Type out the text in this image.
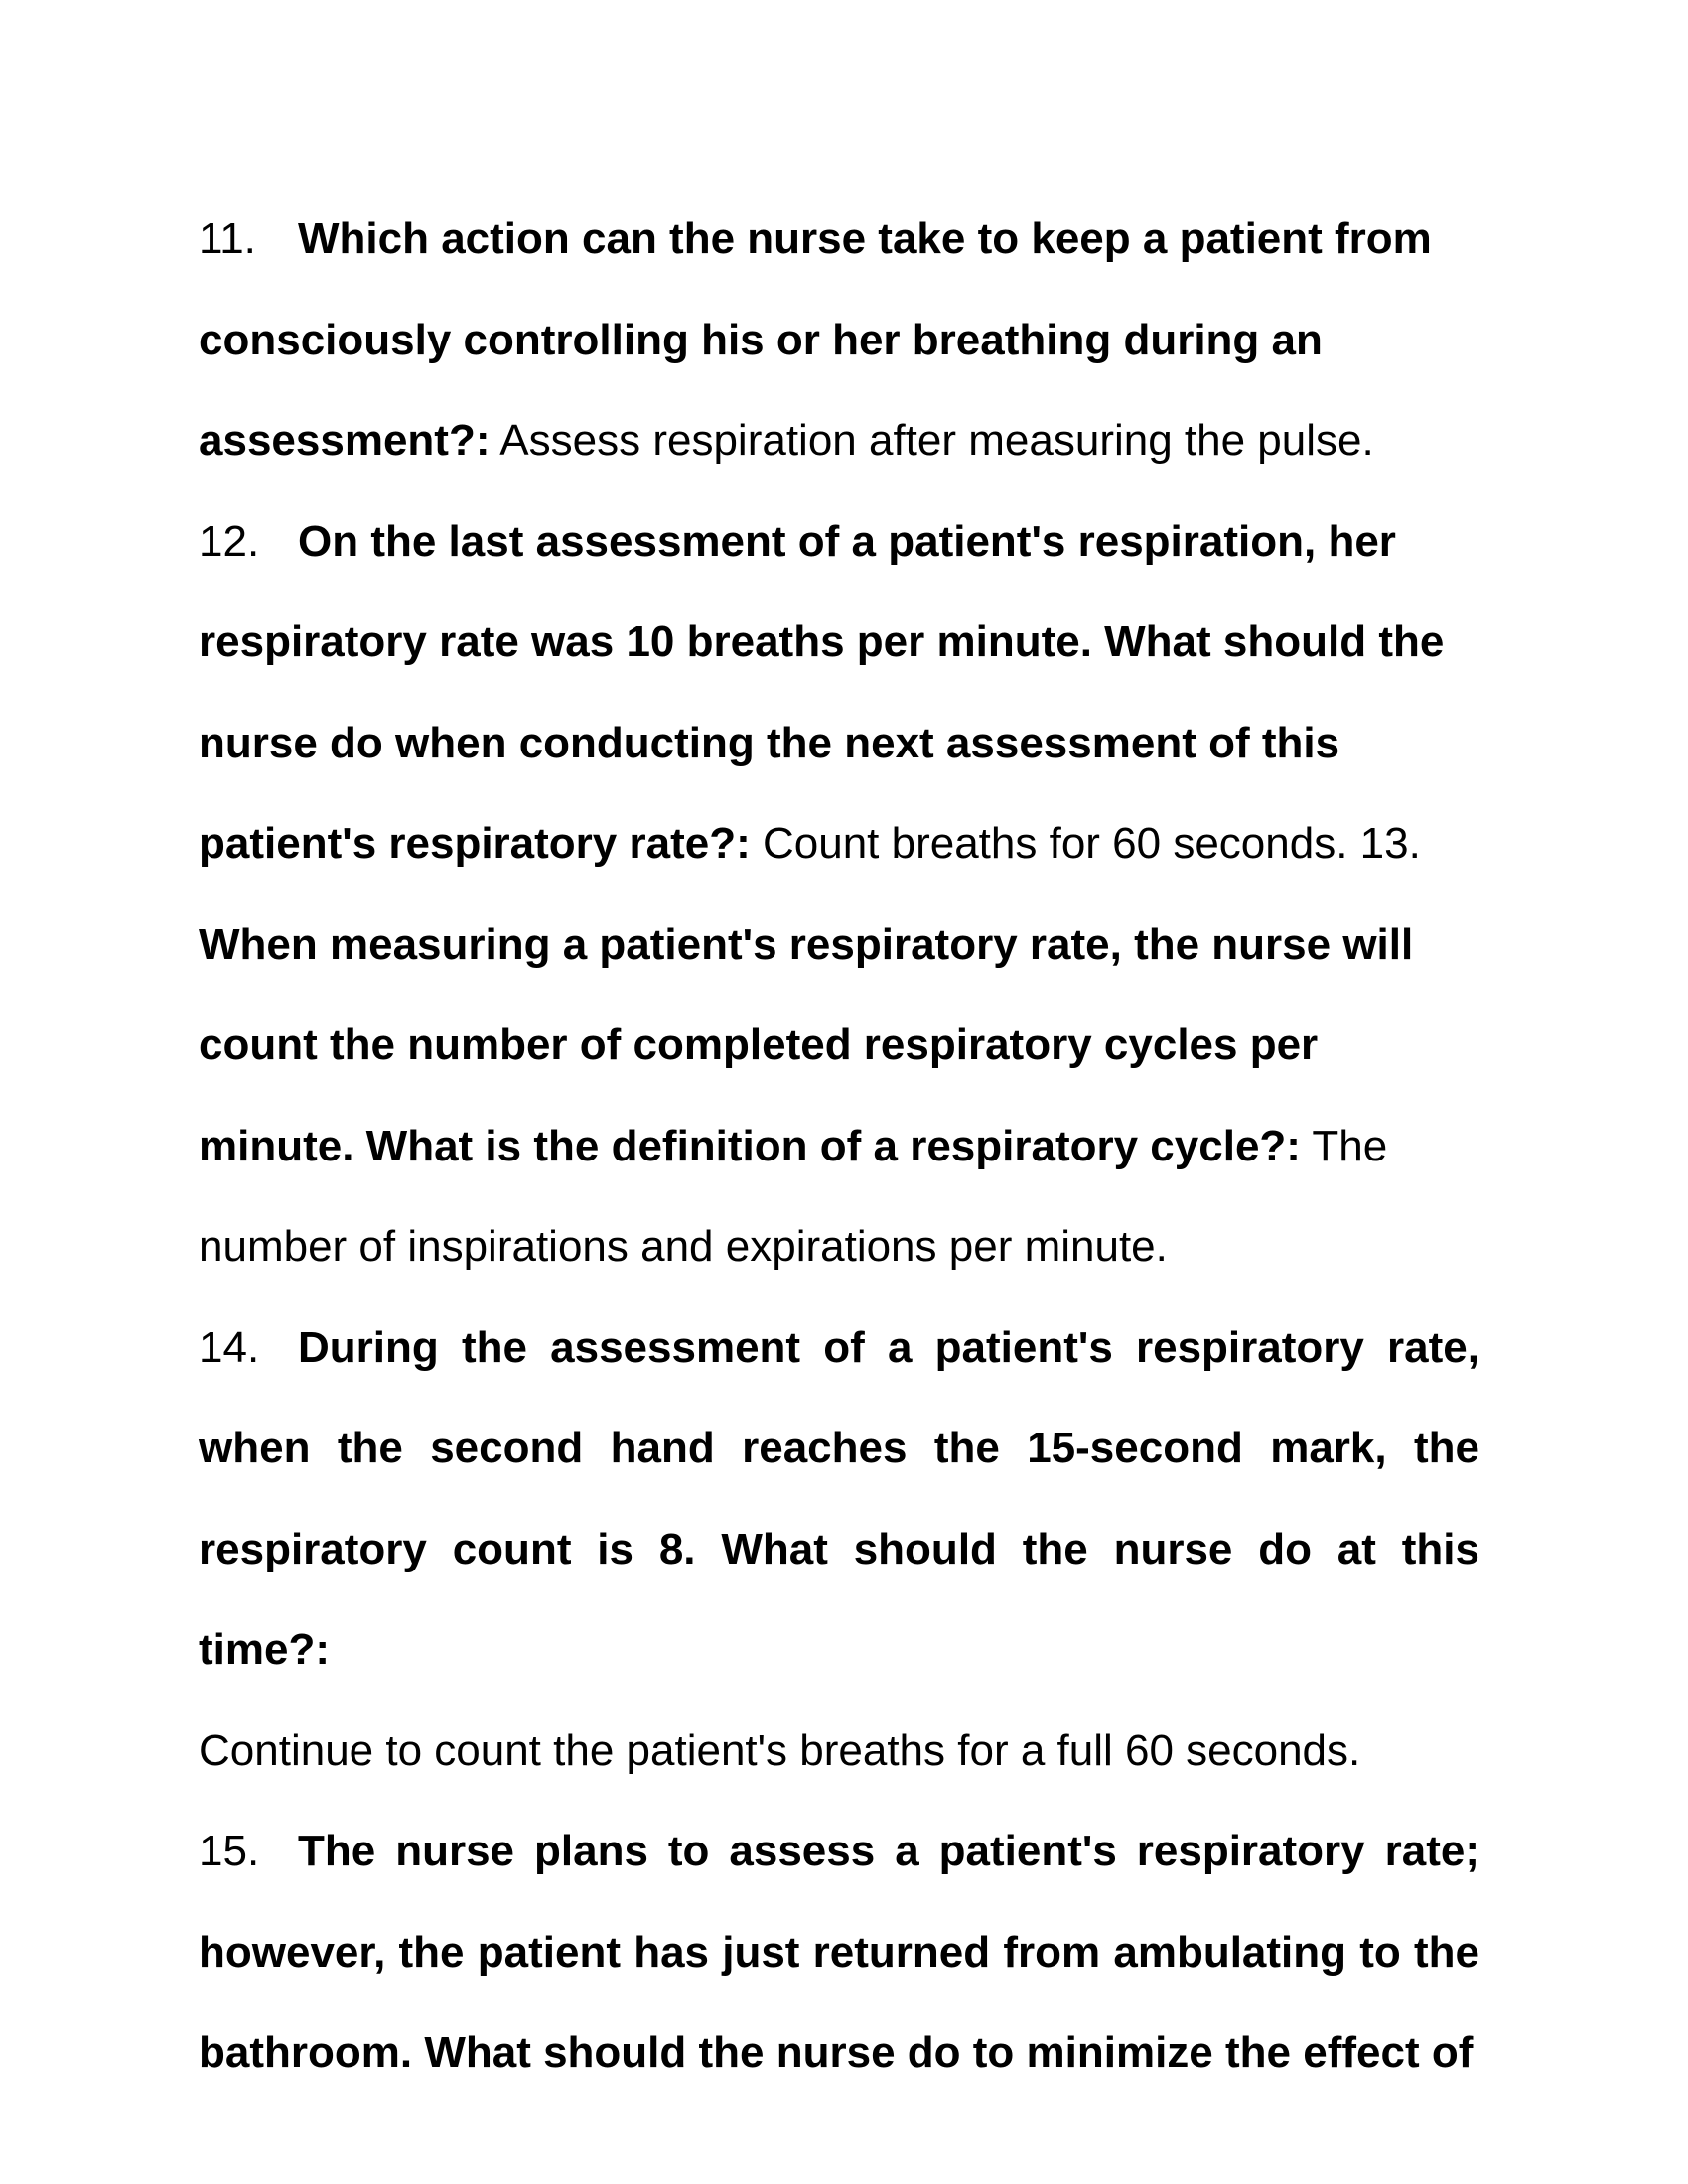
11. Which action can the nurse take to keep a patient from consciously controlling his or her breathing during an assessment?: Assess respiration after measuring the pulse.

12. On the last assessment of a patient's respiration, her respiratory rate was 10 breaths per minute. What should the nurse do when conducting the next assessment of this patient's respiratory rate?: Count breaths for 60 seconds. 13.
When measuring a patient's respiratory rate, the nurse will count the number of completed respiratory cycles per minute. What is the definition of a respiratory cycle?: The number of inspirations and expirations per minute.

14. During the assessment of a patient's respiratory rate, when the second hand reaches the 15-second mark, the respiratory count is 8. What should the nurse do at this time?:
Continue to count the patient's breaths for a full 60 seconds.

15. The nurse plans to assess a patient's respiratory rate; however, the patient has just returned from ambulating to the bathroom. What should the nurse do to minimize the effect of
